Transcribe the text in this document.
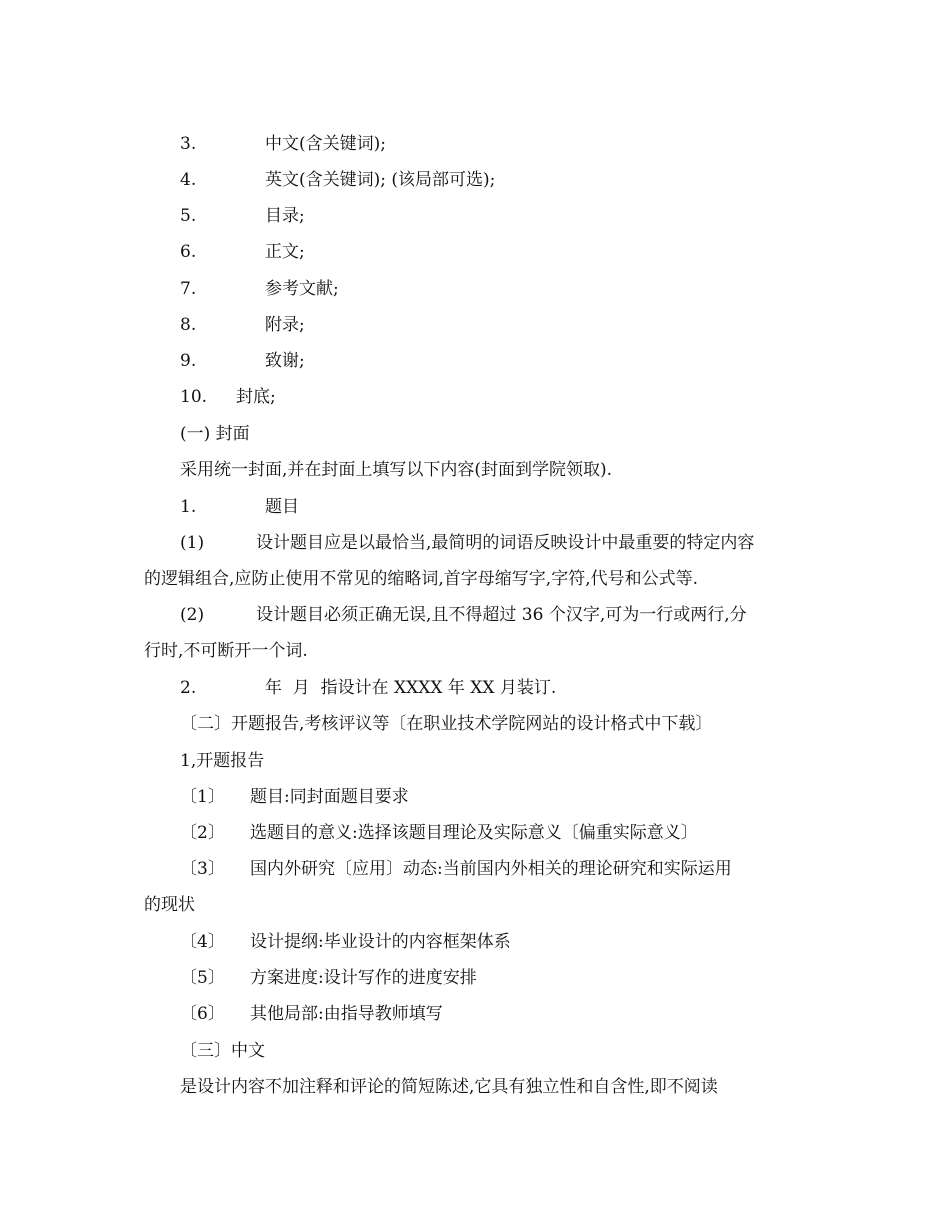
3.	中文(含关键词);
4.	英文(含关键词); (该局部可选);
5.	目录;
6.	正文;
7.	参考文献;
8.	附录;
9.	致谢;
10. 封底;
(一) 封面
采用统一封面,并在封面上填写以下内容(封面到学院领取).
1.	题目
(1)	设计题目应是以最恰当,最简明的词语反映设计中最重要的特定内容
的逻辑组合,应防止使用不常见的缩略词,首字母缩写字,字符,代号和公式等.
(2)	设计题目必须正确无误,且不得超过 36 个汉字,可为一行或两行,分
行时,不可断开一个词.
2.	年  月  指设计在 XXXX 年 XX 月装订.
〔二〕开题报告,考核评议等〔在职业技术学院网站的设计格式中下载〕
1,开题报告
〔1〕 题目:同封面题目要求
〔2〕 选题目的意义:选择该题目理论及实际意义〔偏重实际意义〕
〔3〕 国内外研究〔应用〕动态:当前国内外相关的理论研究和实际运用
的现状
〔4〕 设计提纲:毕业设计的内容框架体系
〔5〕 方案进度:设计写作的进度安排
〔6〕 其他局部:由指导教师填写
〔三〕中文
是设计内容不加注释和评论的简短陈述,它具有独立性和自含性,即不阅读
